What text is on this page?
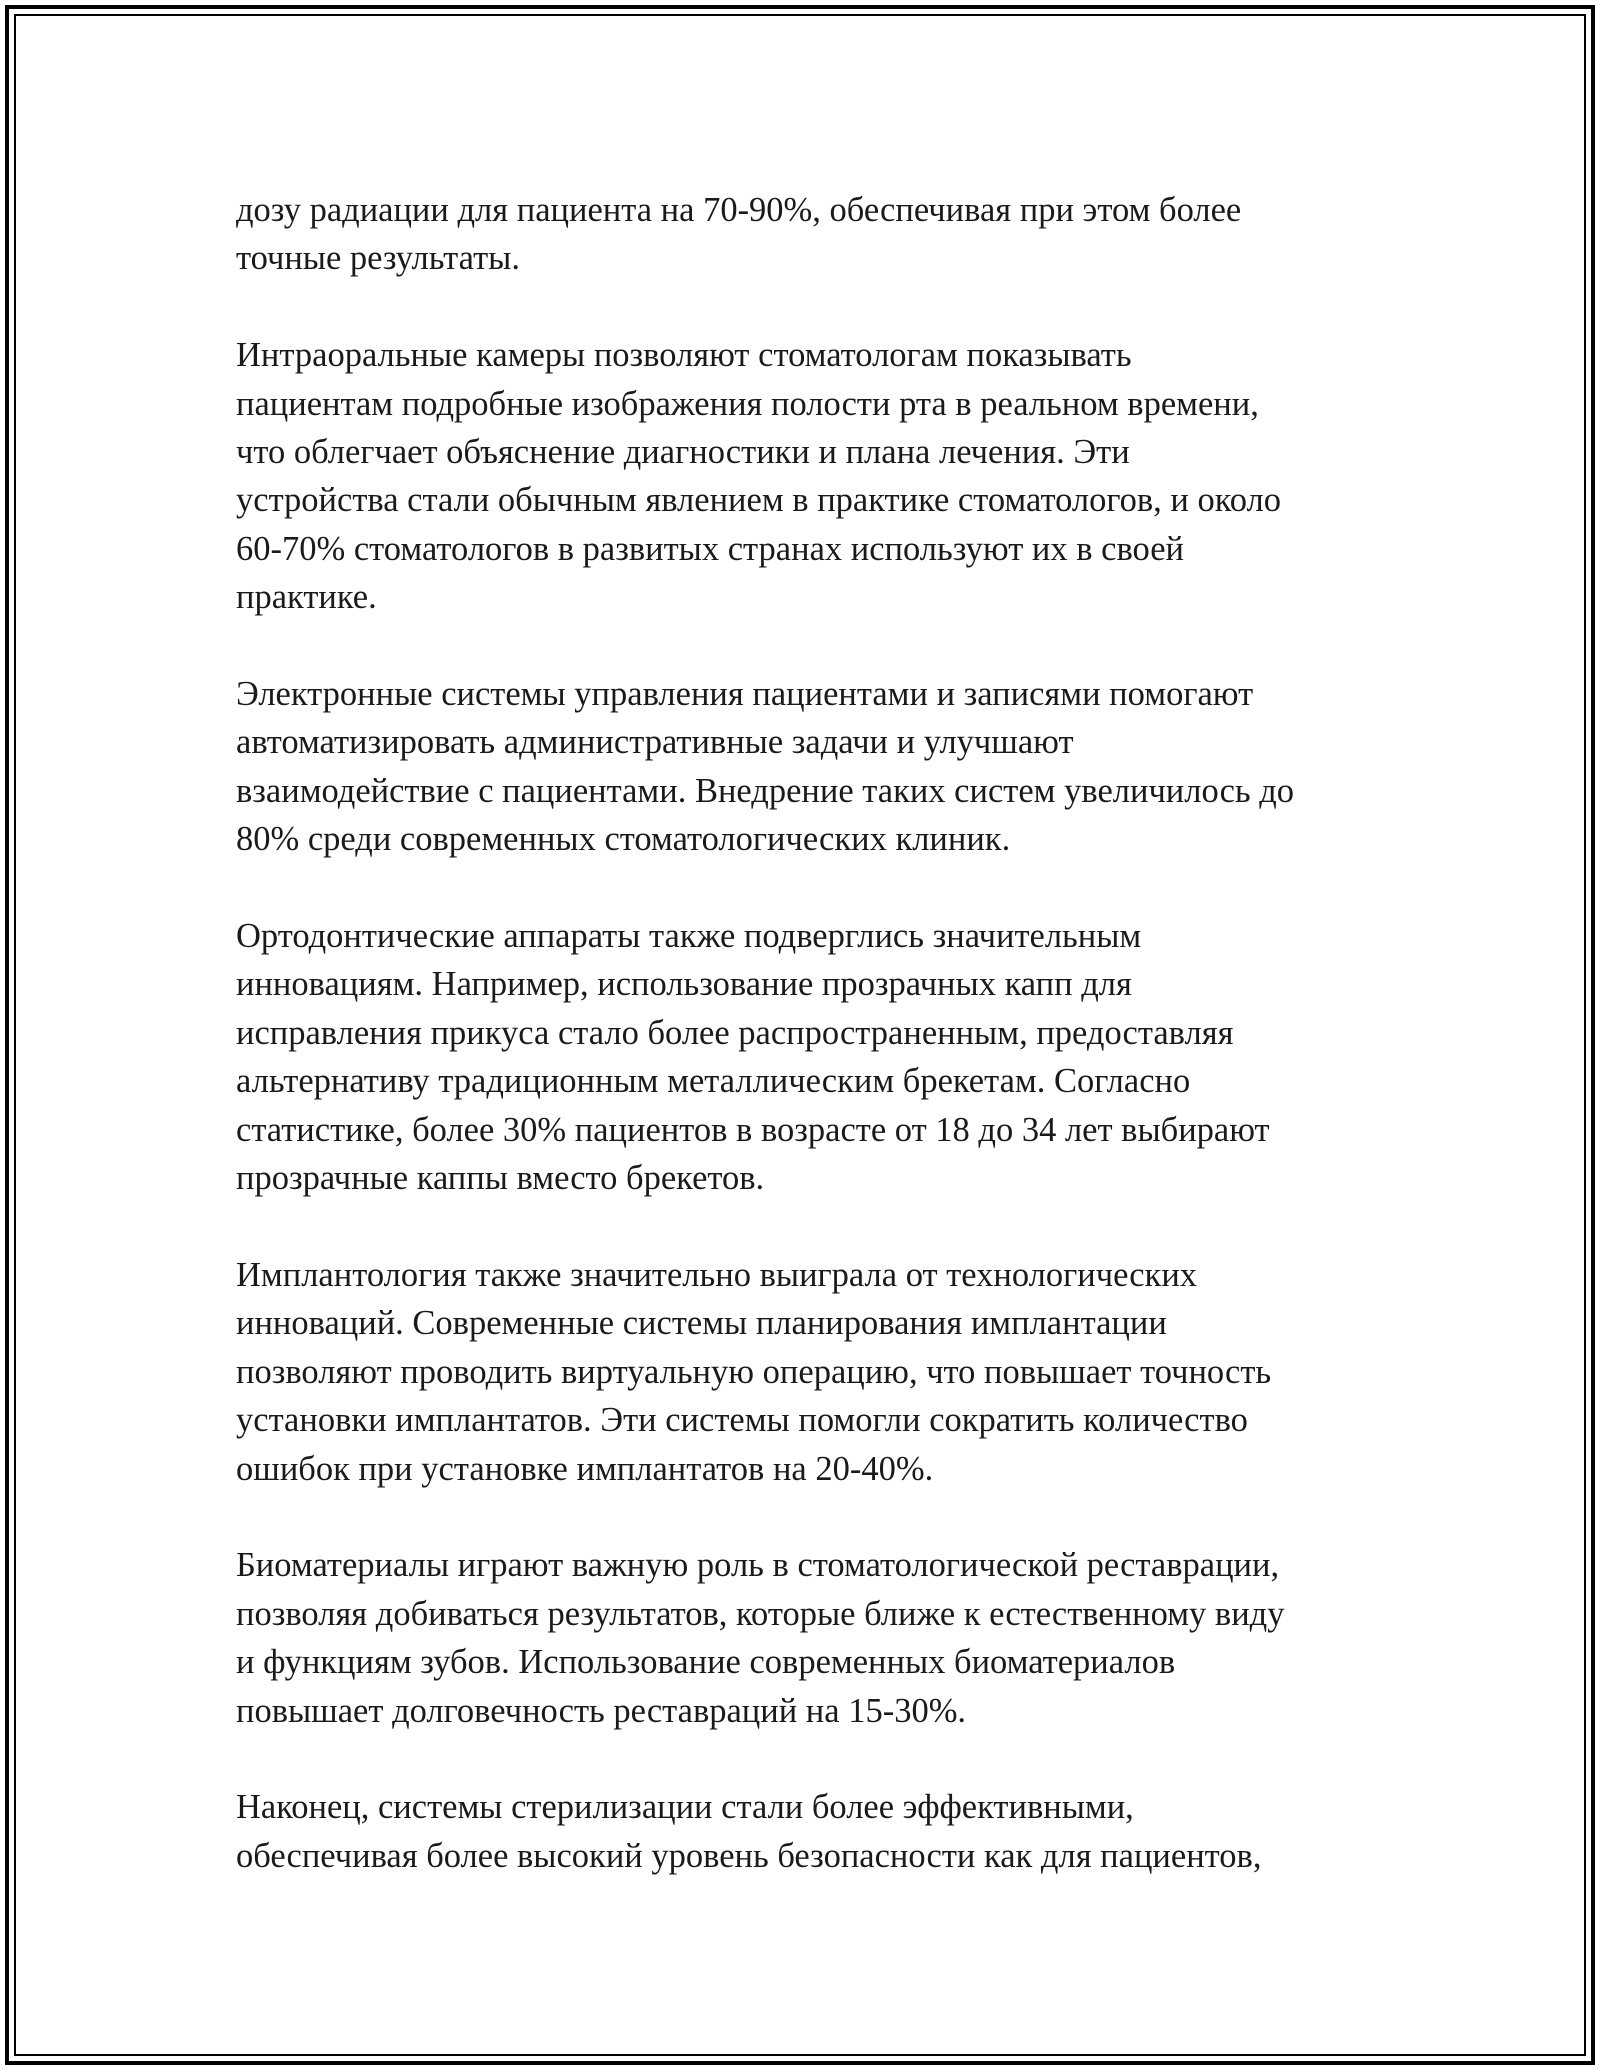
дозу радиации для пациента на 70-90%, обеспечивая при этом более
точные результаты.

Интраоральные камеры позволяют стоматологам показывать
пациентам подробные изображения полости рта в реальном времени,
что облегчает объяснение диагностики и плана лечения. Эти
устройства стали обычным явлением в практике стоматологов, и около
60-70% стоматологов в развитых странах используют их в своей
практике.

Электронные системы управления пациентами и записями помогают
автоматизировать административные задачи и улучшают
взаимодействие с пациентами. Внедрение таких систем увеличилось до
80% среди современных стоматологических клиник.

Ортодонтические аппараты также подверглись значительным
инновациям. Например, использование прозрачных капп для
исправления прикуса стало более распространенным, предоставляя
альтернативу традиционным металлическим брекетам. Согласно
статистике, более 30% пациентов в возрасте от 18 до 34 лет выбирают
прозрачные каппы вместо брекетов.

Имплантология также значительно выиграла от технологических
инноваций. Современные системы планирования имплантации
позволяют проводить виртуальную операцию, что повышает точность
установки имплантатов. Эти системы помогли сократить количество
ошибок при установке имплантатов на 20-40%.

Биоматериалы играют важную роль в стоматологической реставрации,
позволяя добиваться результатов, которые ближе к естественному виду
и функциям зубов. Использование современных биоматериалов
повышает долговечность реставраций на 15-30%.

Наконец, системы стерилизации стали более эффективными,
обеспечивая более высокий уровень безопасности как для пациентов,
